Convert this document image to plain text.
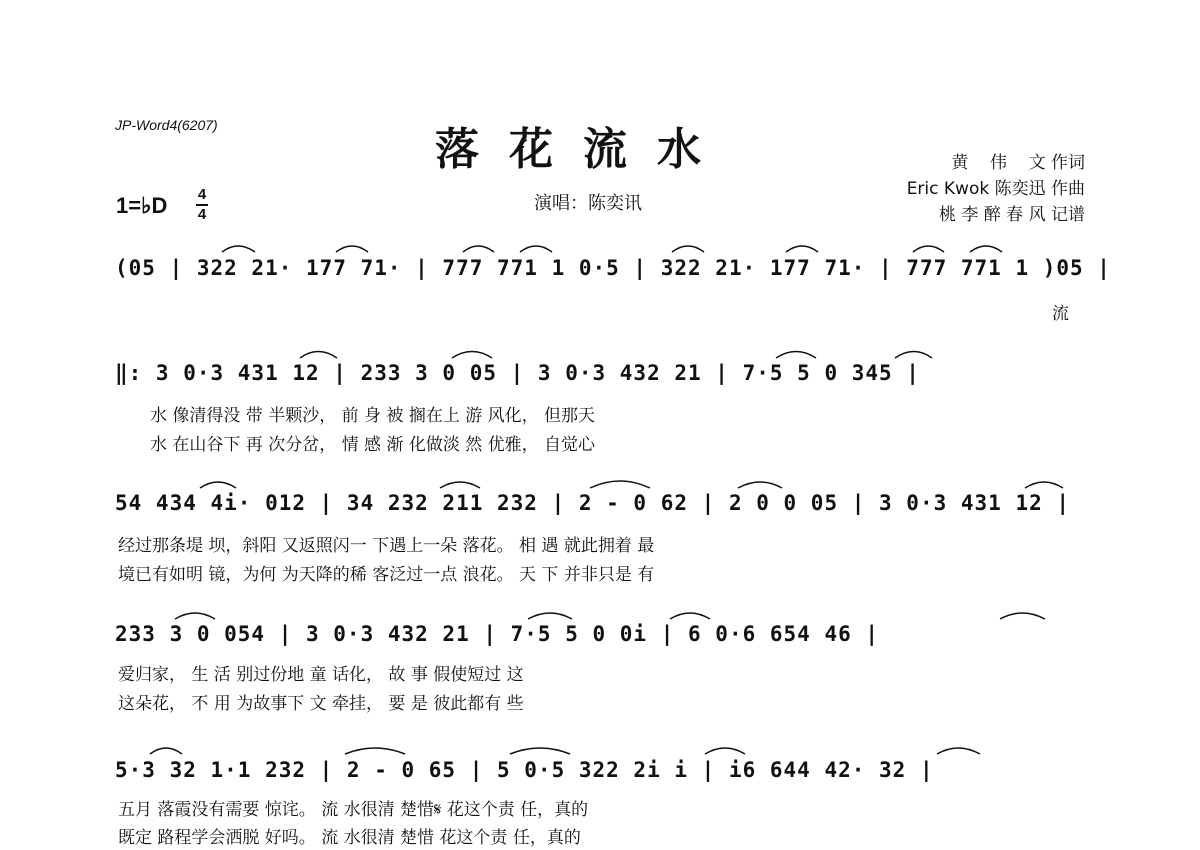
JP-Word4(6207)	落花流水
1=♭D 4
4
演唱：陈奕讯
黄    伟    文 作词
Eric Kwok 陈奕迅 作曲
桃 李 醉 春 风 记谱
(05 | 322 21· 177 71· | 777 771 1 0·5 | 322 21· 177 71· | 777 771 1 )05 |
流
‖: 3 0·3 431 12 | 233 3 0 05 | 3 0·3 432 21 | 7·5 5 0 345 |
水 像清得没 带 半颗沙， 前 身 被 搁在上 游 风化， 但那天
水 在山谷下 再 次分岔， 情 感 渐 化做淡 然 优雅， 自觉心
54 434 4i· 012 | 34 232 211 232 | 2 - 0 62 | 2 0 0 05 | 3 0·3 431 12 |
经过那条堤 坝，斜阳 又返照闪一 下遇上一朵 落花。 相 遇 就此拥着 最
境已有如明 镜，为何 为天降的稀 客泛过一点 浪花。 天 下 并非只是 有
233 3 0 054 | 3 0·3 432 21 | 7·5 5 0 0i | 6 0·6 654 46 |
爱归家， 生 活 别过份地 童 话化， 故 事 假使短过 这
这朵花， 不 用 为故事下 文 牵挂， 要 是 彼此都有 些
5·3 32 1·1 232 | 2 - 0 65 | 5 0·5 322 2i i | i6 644 42· 32 |
五月 落霞没有需要 惊诧。 流 水很清 楚惜𝄋 花这个责 任，真的
既定 路程学会洒脱 好吗。 流 水很清 楚惜 花这个责 任，真的
